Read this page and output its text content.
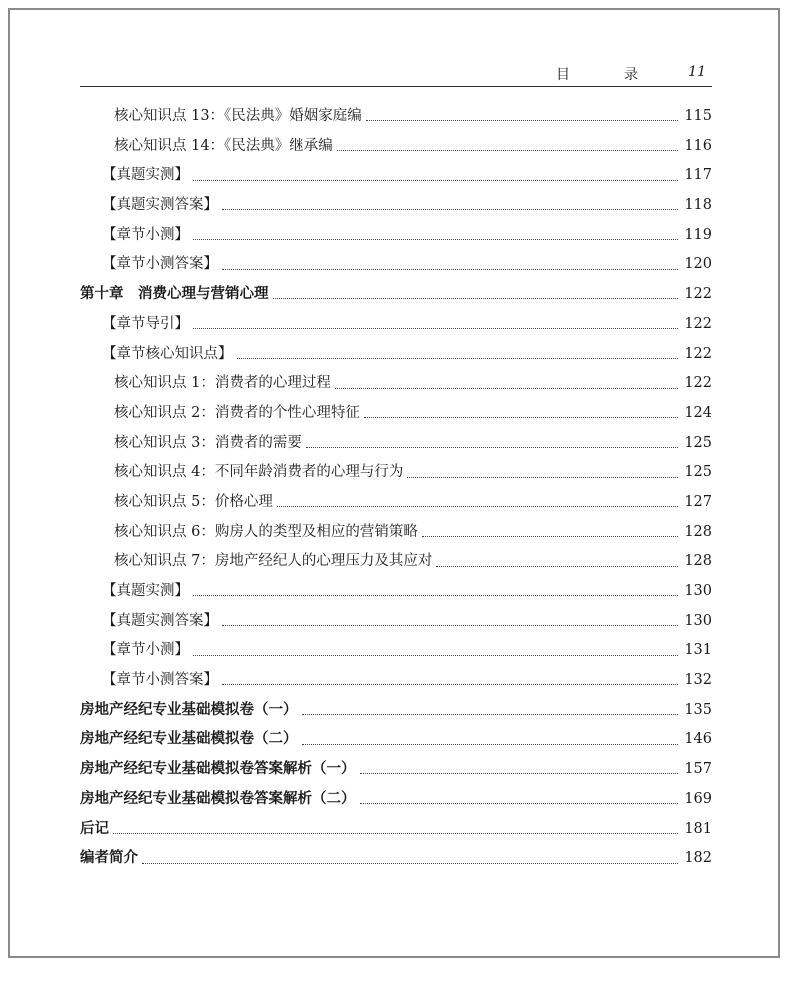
目　录 11
核心知识点 13：《民法典》婚姻家庭编	115
核心知识点 14：《民法典》继承编	116
【真题实测】	117
【真题实测答案】	118
【章节小测】	119
【章节小测答案】	120
第十章　消费心理与营销心理	122
【章节导引】	122
【章节核心知识点】	122
核心知识点 1：消费者的心理过程	122
核心知识点 2：消费者的个性心理特征	124
核心知识点 3：消费者的需要	125
核心知识点 4：不同年龄消费者的心理与行为	125
核心知识点 5：价格心理	127
核心知识点 6：购房人的类型及相应的营销策略	128
核心知识点 7：房地产经纪人的心理压力及其应对	128
【真题实测】	130
【真题实测答案】	130
【章节小测】	131
【章节小测答案】	132
房地产经纪专业基础模拟卷（一）	135
房地产经纪专业基础模拟卷（二）	146
房地产经纪专业基础模拟卷答案解析（一）	157
房地产经纪专业基础模拟卷答案解析（二）	169
后记	181
编者简介	182
